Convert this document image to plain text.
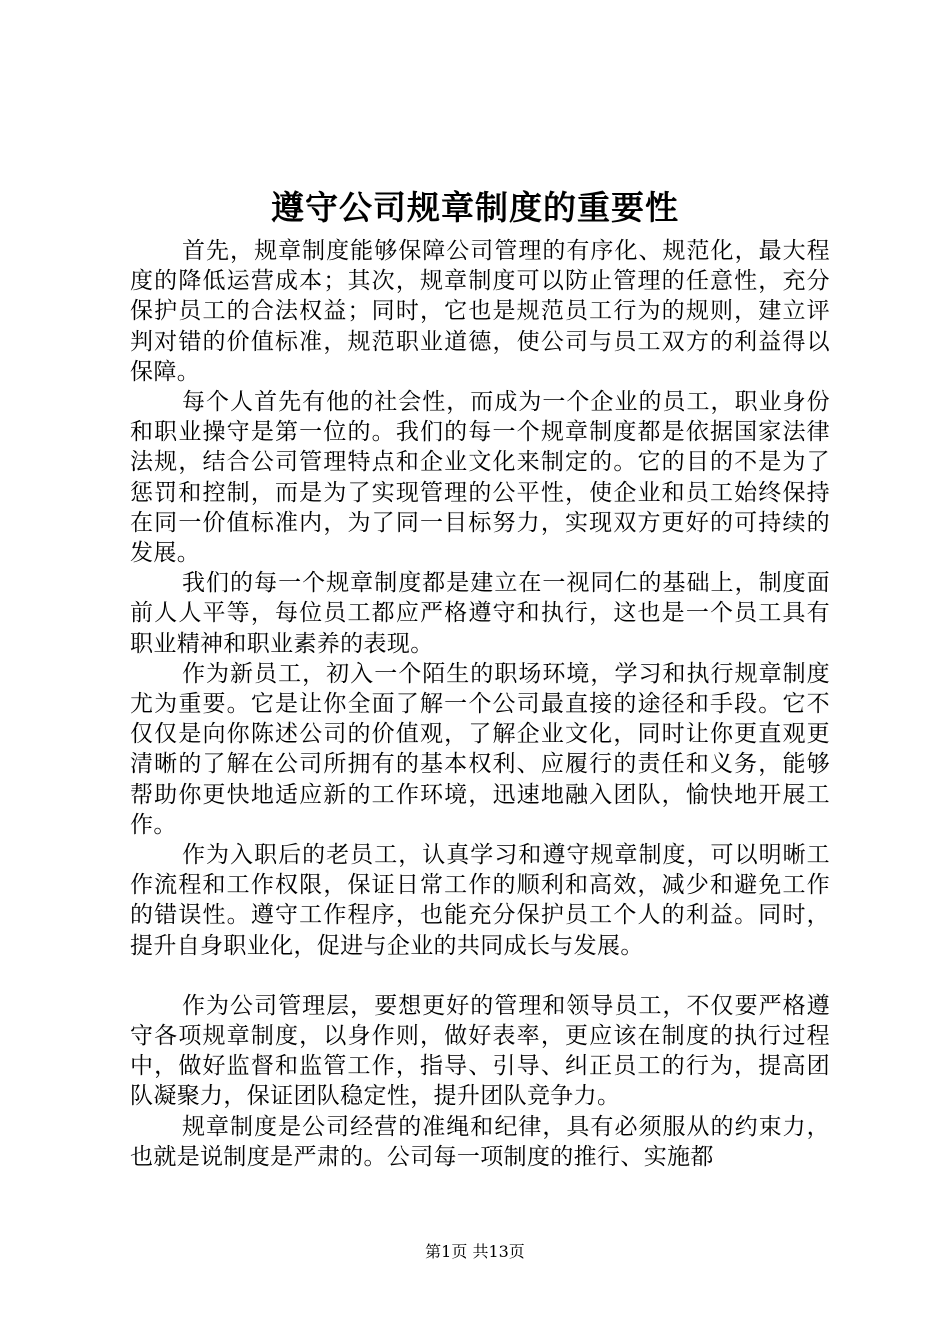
遵守公司规章制度的重要性

首先，规章制度能够保障公司管理的有序化、规范化，最大程度的降低运营成本；其次，规章制度可以防止管理的任意性，充分保护员工的合法权益；同时，它也是规范员工行为的规则，建立评判对错的价值标准，规范职业道德，使公司与员工双方的利益得以保障。

每个人首先有他的社会性，而成为一个企业的员工，职业身份和职业操守是第一位的。我们的每一个规章制度都是依据国家法律法规，结合公司管理特点和企业文化来制定的。它的目的不是为了惩罚和控制，而是为了实现管理的公平性，使企业和员工始终保持在同一价值标准内，为了同一目标努力，实现双方更好的可持续的发展。

我们的每一个规章制度都是建立在一视同仁的基础上，制度面前人人平等，每位员工都应严格遵守和执行，这也是一个员工具有职业精神和职业素养的表现。

作为新员工，初入一个陌生的职场环境，学习和执行规章制度尤为重要。它是让你全面了解一个公司最直接的途径和手段。它不仅仅是向你陈述公司的价值观，了解企业文化，同时让你更直观更清晰的了解在公司所拥有的基本权利、应履行的责任和义务，能够帮助你更快地适应新的工作环境，迅速地融入团队，愉快地开展工作。

作为入职后的老员工，认真学习和遵守规章制度，可以明晰工作流程和工作权限，保证日常工作的顺利和高效，减少和避免工作的错误性。遵守工作程序，也能充分保护员工个人的利益。同时，提升自身职业化，促进与企业的共同成长与发展。

作为公司管理层，要想更好的管理和领导员工，不仅要严格遵守各项规章制度，以身作则，做好表率，更应该在制度的执行过程中，做好监督和监管工作，指导、引导、纠正员工的行为，提高团队凝聚力，保证团队稳定性，提升团队竞争力。

规章制度是公司经营的准绳和纪律，具有必须服从的约束力，也就是说制度是严肃的。公司每一项制度的推行、实施都

第1页 共13页
